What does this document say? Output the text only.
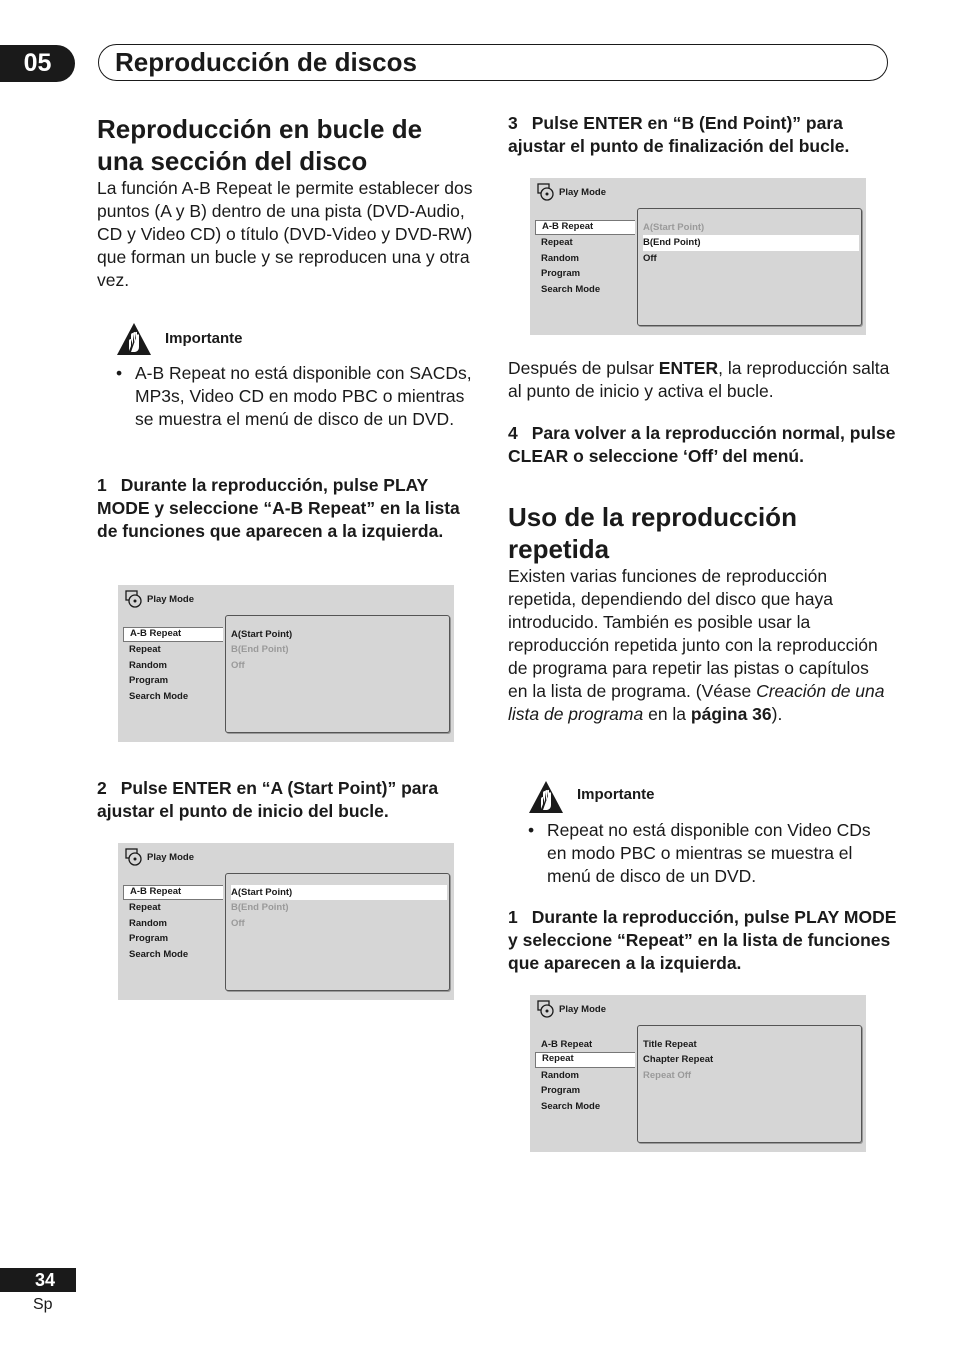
05 Reproducción de discos
Reproducción en bucle de una sección del disco
La función A-B Repeat le permite establecer dos puntos (A y B) dentro de una pista (DVD-Audio, CD y Video CD) o título (DVD-Video y DVD-RW) que forman un bucle y se reproducen una y otra vez.
Importante
• A-B Repeat no está disponible con SACDs, MP3s, Video CD en modo PBC o mientras se muestra el menú de disco de un DVD.
1 Durante la reproducción, pulse PLAY MODE y seleccione “A-B Repeat” en la lista de funciones que aparecen a la izquierda.
Play Mode
A-B Repeat
Repeat
Random
Program
Search Mode
A(Start Point)
B(End Point)
Off
2 Pulse ENTER en “A (Start Point)” para ajustar el punto de inicio del bucle.
Play Mode
A-B Repeat
Repeat
Random
Program
Search Mode
A(Start Point)
B(End Point)
Off
3 Pulse ENTER en “B (End Point)” para ajustar el punto de finalización del bucle.
Play Mode
A-B Repeat
Repeat
Random
Program
Search Mode
A(Start Point)
B(End Point)
Off
Después de pulsar ENTER, la reproducción salta al punto de inicio y activa el bucle.
4 Para volver a la reproducción normal, pulse CLEAR o seleccione ‘Off’ del menú.
Uso de la reproducción repetida
Existen varias funciones de reproducción repetida, dependiendo del disco que haya introducido. También es posible usar la reproducción repetida junto con la reproducción de programa para repetir las pistas o capítulos en la lista de programa. (Véase Creación de una lista de programa en la página 36).
Importante
• Repeat no está disponible con Video CDs en modo PBC o mientras se muestra el menú de disco de un DVD.
1 Durante la reproducción, pulse PLAY MODE y seleccione “Repeat” en la lista de funciones que aparecen a la izquierda.
Play Mode
A-B Repeat
Repeat
Random
Program
Search Mode
Title Repeat
Chapter Repeat
Repeat Off
34
Sp
